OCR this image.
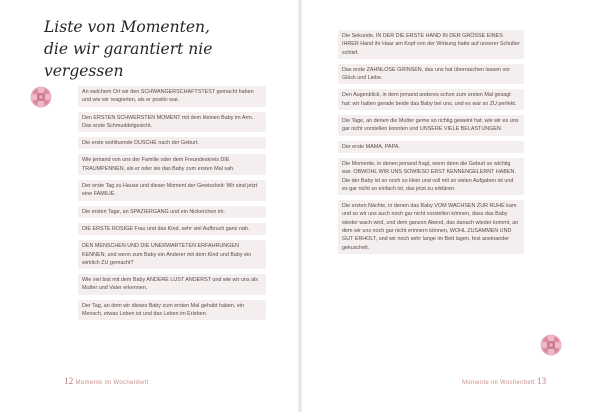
Liste von Momenten,
die wir garantiert nie vergessen
An welchem Ort wir den SCHWANGERSCHAFTSTEST gemacht haben und wie wir reagierten, als er positiv war.
Den ERSTEN SCHWERSTEN MOMENT mit dem kleinen Baby im Arm. Das erste Schmuddelgesicht.
Die erste wohltuende DUSCHE nach der Geburt.
Wie jemand von uns der Familie oder dem Freundeskreis DIE TRAUMPENNEN, als er oder sie das Baby zum ersten Mal sah.
Der erste Tag zu Hause und dieser Moment der Gewissheit: Wir sind jetzt eine FAMILIE.
Die ersten Tage, an SPAZIERGANG und ein Nickerchen im.
DIE ERSTE ROSIGE Frau und das Kind, sehr viel Aufbruch ganz nah.
DEN MENSCHEN UND DIE UNERWARTETEN ERFAHRUNGEN KENNEN, und wenn zum Baby ein Anderer mit dem Kind und Baby ein wirklich ZU gemacht?
Wie viel bist mit dem Baby ANDERE LUST ANDERST und wie wir uns als Mutter und Vater erkennen.
Der Tag, an dem wir dieses Baby zum ersten Mal gehabt haben, ein Mensch, etwas Leben ist und das Leben im Erleben.
12 Momente im Wochenbett
Die Sekunde, IN DER DIE ERSTE HAND IN DER GRÖSSE EINES IHRER Hand ihr Haar am Kopf von der Wirkung hatte auf unserer Schulter schlief.
Das erste ZAHNLOSE GRINSEN, das uns hat überraschen lassen vor Glück und Liebe.
Den Augenblick, in dem jemand anderes schon zum ersten Mal gesagt hat: wir hatten gerade beide das Baby bei uns, und es war so ZU perfekt.
Die Tage, an denen die Mutter gerne so richtig geweint hat, wie wir es uns gar nicht vorstellen konnten und UNSERE VIELE BELASTUNGEN.
Der erste MAMA, PAPA.
Die Momente, in denen jemand fragt, wenn denn die Geburt so wichtig war. OBWOHL WIR UNS SOWIESO ERST KENNENGELERNT HABEN. Die der Baby ist so noch so klein und voll mit so vielen Aufgaben ist und es gar nicht so einfach ist, das jetzt zu erklären.
Die ersten Nächte, in denen das Baby VOM WACHSEN ZUR RUHE kam und so wir uns auch noch gar nicht vorstellen können, dass das Baby wieder wach wird, und dem ganzen Abend, das danach wieder kommt, an dem wir uns noch gar nicht erinnern können, WOHL ZUSAMMEN UND GUT ERHOLT, und wir noch sehr lange im Bett lagen, fest aneinander gekuschelt.
Momente im Wochenbett 13
